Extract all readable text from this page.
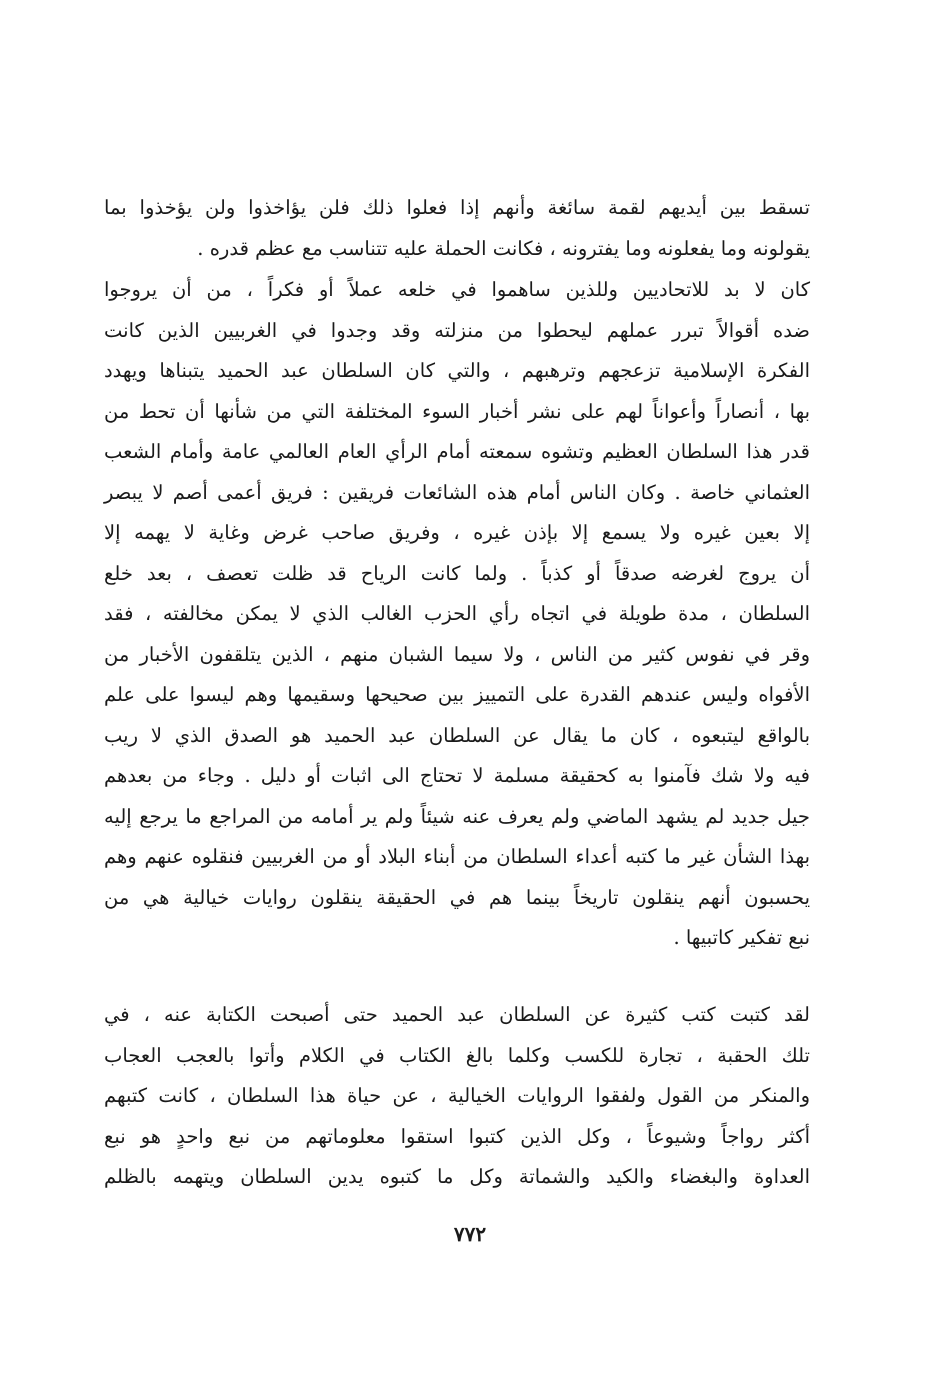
تسقط بين أيديهم لقمة سائغة وأنهم إذا فعلوا ذلك فلن يؤاخذوا ولن يؤخذوا بما
يقولونه وما يفعلونه وما يفترونه ، فكانت الحملة عليه تتناسب مع عظم قدره .
كان لا بد للاتحاديين وللذين ساهموا في خلعه عملاً أو فكراً ، من أن يروجوا
ضده أقوالاً تبرر عملهم ليحطوا من منزلته وقد وجدوا في الغربيين الذين كانت
الفكرة الإسلامية تزعجهم وترهبهم ، والتي كان السلطان عبد الحميد يتبناها ويهدد
بها ، أنصاراً وأعواناً لهم على نشر أخبار السوء المختلفة التي من شأنها أن تحط من
قدر هذا السلطان العظيم وتشوه سمعته أمام الرأي العام العالمي عامة وأمام الشعب
العثماني خاصة . وكان الناس أمام هذه الشائعات فريقين : فريق أعمى أصم لا يبصر
إلا بعين غيره ولا يسمع إلا بإذن غيره ، وفريق صاحب غرض وغاية لا يهمه إلا
أن يروج لغرضه صدقاً أو كذباً . ولما كانت الرياح قد ظلت تعصف ، بعد خلع
السلطان ، مدة طويلة في اتجاه رأي الحزب الغالب الذي لا يمكن مخالفته ، فقد
وقر في نفوس كثير من الناس ، ولا سيما الشبان منهم ، الذين يتلقفون الأخبار من
الأفواه وليس عندهم القدرة على التمييز بين صحيحها وسقيمها وهم ليسوا على علم
بالواقع ليتبعوه ، كان ما يقال عن السلطان عبد الحميد هو الصدق الذي لا ريب
فيه ولا شك فآمنوا به كحقيقة مسلمة لا تحتاج الى اثبات أو دليل . وجاء من بعدهم
جيل جديد لم يشهد الماضي ولم يعرف عنه شيئاً ولم ير أمامه من المراجع ما يرجع إليه
بهذا الشأن غير ما كتبه أعداء السلطان من أبناء البلاد أو من الغربيين فنقلوه عنهم وهم
يحسبون أنهم ينقلون تاريخاً بينما هم في الحقيقة ينقلون روايات خيالية هي من
نبع تفكير كاتبيها .
لقد كتبت كتب كثيرة عن السلطان عبد الحميد حتى أصبحت الكتابة عنه ، في
تلك الحقبة ، تجارة للكسب وكلما بالغ الكتاب في الكلام وأتوا بالعجب العجاب
والمنكر من القول ولفقوا الروايات الخيالية ، عن حياة هذا السلطان ، كانت كتبهم
أكثر رواجاً وشيوعاً ، وكل الذين كتبوا استقوا معلوماتهم من نبع واحدٍ هو نبع
العداوة والبغضاء والكيد والشماتة وكل ما كتبوه يدين السلطان ويتهمه بالظلم
٧٧٢
